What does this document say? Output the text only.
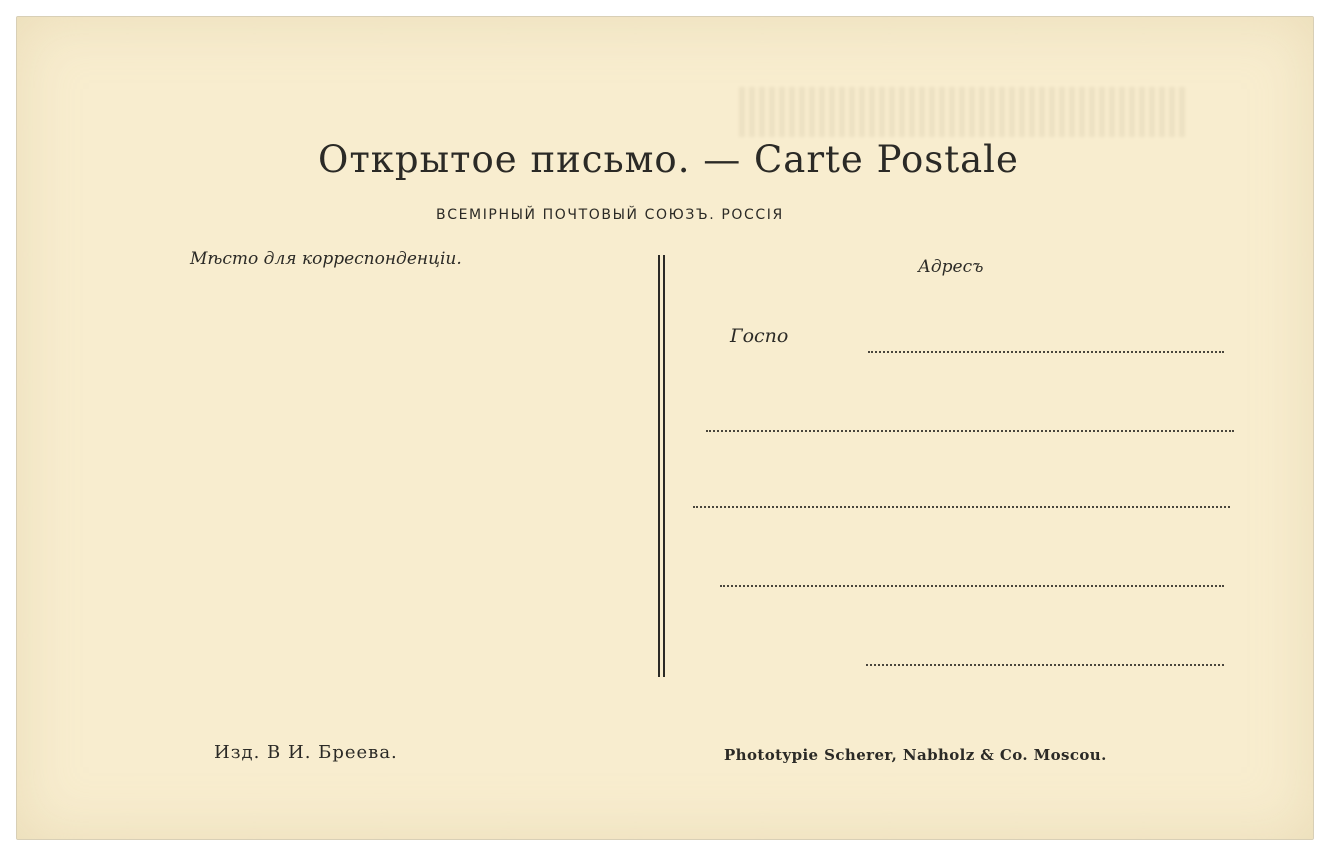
Открытое письмо. — Carte Postale
ВСЕМІРНЫЙ ПОЧТОВЫЙ СОЮЗЪ. РОССІЯ
Мѣсто для корреспонденціи.	Адресъ
Госпо
Изд. В И. Бреева.	Phototypie Scherer, Nabholz & Co. Moscou.
